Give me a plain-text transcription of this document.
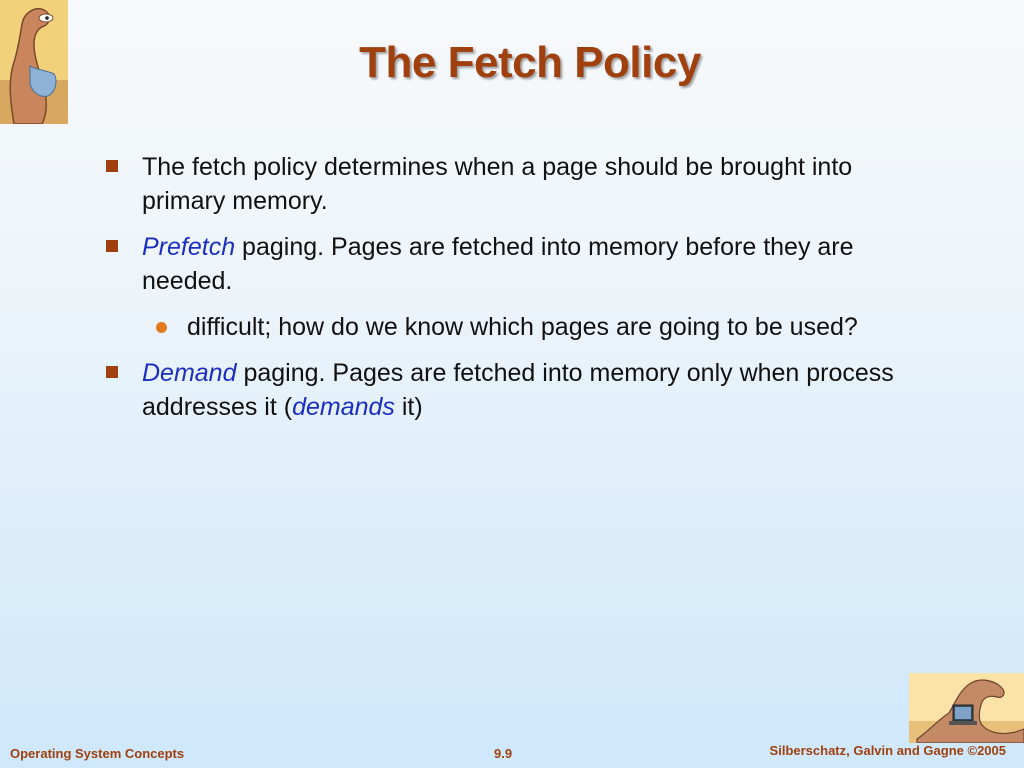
The Fetch Policy
The fetch policy determines when a page should be brought into primary memory.
Prefetch paging. Pages are fetched into memory before they are needed.
difficult; how do we know which pages are going to be used?
Demand paging. Pages are fetched into memory only when process addresses it (demands it)
Operating System Concepts	9.9	Silberschatz, Galvin and Gagne ©2005
